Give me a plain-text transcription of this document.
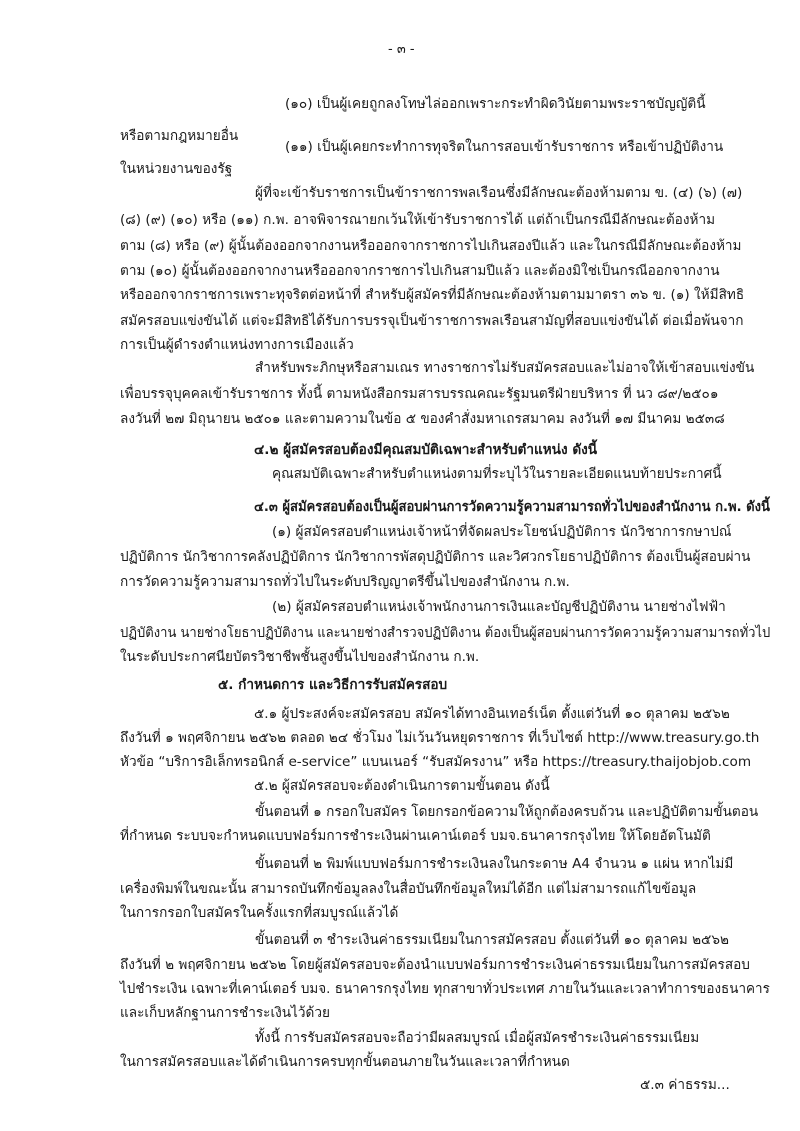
- ๓ -
(๑๐) เป็นผู้เคยถูกลงโทษไล่ออกเพราะกระทำผิดวินัยตามพระราชบัญญัตินี้
หรือตามกฎหมายอื่น
(๑๑) เป็นผู้เคยกระทำการทุจริตในการสอบเข้ารับราชการ หรือเข้าปฏิบัติงาน
ในหน่วยงานของรัฐ
ผู้ที่จะเข้ารับราชการเป็นข้าราชการพลเรือนซึ่งมีลักษณะต้องห้ามตาม ข. (๔) (๖) (๗)
(๘) (๙) (๑๐) หรือ (๑๑) ก.พ. อาจพิจารณายกเว้นให้เข้ารับราชการได้ แต่ถ้าเป็นกรณีมีลักษณะต้องห้าม
ตาม (๘) หรือ (๙) ผู้นั้นต้องออกจากงานหรือออกจากราชการไปเกินสองปีแล้ว และในกรณีมีลักษณะต้องห้าม
ตาม (๑๐) ผู้นั้นต้องออกจากงานหรือออกจากราชการไปเกินสามปีแล้ว และต้องมิใช่เป็นกรณีออกจากงาน
หรือออกจากราชการเพราะทุจริตต่อหน้าที่ สำหรับผู้สมัครที่มีลักษณะต้องห้ามตามมาตรา ๓๖ ข. (๑) ให้มีสิทธิ
สมัครสอบแข่งขันได้ แต่จะมีสิทธิได้รับการบรรจุเป็นข้าราชการพลเรือนสามัญที่สอบแข่งขันได้ ต่อเมื่อพ้นจาก
การเป็นผู้ดำรงตำแหน่งทางการเมืองแล้ว
สำหรับพระภิกษุหรือสามเณร ทางราชการไม่รับสมัครสอบและไม่อาจให้เข้าสอบแข่งขัน
เพื่อบรรจุบุคคลเข้ารับราชการ ทั้งนี้ ตามหนังสือกรมสารบรรณคณะรัฐมนตรีฝ่ายบริหาร ที่ นว ๘๙/๒๕๐๑
ลงวันที่ ๒๗ มิถุนายน ๒๕๐๑ และตามความในข้อ ๕ ของคำสั่งมหาเถรสมาคม ลงวันที่ ๑๗ มีนาคม ๒๕๓๘
๔.๒ ผู้สมัครสอบต้องมีคุณสมบัติเฉพาะสำหรับตำแหน่ง ดังนี้
คุณสมบัติเฉพาะสำหรับตำแหน่งตามที่ระบุไว้ในรายละเอียดแนบท้ายประกาศนี้
๔.๓ ผู้สมัครสอบต้องเป็นผู้สอบผ่านการวัดความรู้ความสามารถทั่วไปของสำนักงาน ก.พ. ดังนี้
(๑) ผู้สมัครสอบตำแหน่งเจ้าหน้าที่จัดผลประโยชน์ปฏิบัติการ นักวิชาการกษาปณ์
ปฏิบัติการ นักวิชาการคลังปฏิบัติการ นักวิชาการพัสดุปฏิบัติการ และวิศวกรโยธาปฏิบัติการ ต้องเป็นผู้สอบผ่าน
การวัดความรู้ความสามารถทั่วไปในระดับปริญญาตรีขึ้นไปของสำนักงาน ก.พ.
(๒) ผู้สมัครสอบตำแหน่งเจ้าพนักงานการเงินและบัญชีปฏิบัติงาน นายช่างไฟฟ้า
ปฏิบัติงาน นายช่างโยธาปฏิบัติงาน และนายช่างสำรวจปฏิบัติงาน ต้องเป็นผู้สอบผ่านการวัดความรู้ความสามารถทั่วไป
ในระดับประกาศนียบัตรวิชาชีพชั้นสูงขึ้นไปของสำนักงาน ก.พ.
๕. กำหนดการ และวิธีการรับสมัครสอบ
๕.๑ ผู้ประสงค์จะสมัครสอบ สมัครได้ทางอินเทอร์เน็ต ตั้งแต่วันที่ ๑๐ ตุลาคม ๒๕๖๒
ถึงวันที่ ๑ พฤศจิกายน ๒๕๖๒ ตลอด ๒๔ ชั่วโมง ไม่เว้นวันหยุดราชการ ที่เว็บไซต์ http://www.treasury.go.th
หัวข้อ “บริการอิเล็กทรอนิกส์ e-service” แบนเนอร์ “รับสมัครงาน” หรือ https://treasury.thaijobjob.com
๕.๒ ผู้สมัครสอบจะต้องดำเนินการตามขั้นตอน ดังนี้
ขั้นตอนที่ ๑ กรอกใบสมัคร โดยกรอกข้อความให้ถูกต้องครบถ้วน และปฏิบัติตามขั้นตอน
ที่กำหนด ระบบจะกำหนดแบบฟอร์มการชำระเงินผ่านเคาน์เตอร์ บมจ.ธนาคารกรุงไทย ให้โดยอัตโนมัติ
ขั้นตอนที่ ๒ พิมพ์แบบฟอร์มการชำระเงินลงในกระดาษ A4 จำนวน ๑ แผ่น หากไม่มี
เครื่องพิมพ์ในขณะนั้น สามารถบันทึกข้อมูลลงในสื่อบันทึกข้อมูลใหม่ได้อีก แต่ไม่สามารถแก้ไขข้อมูล
ในการกรอกใบสมัครในครั้งแรกที่สมบูรณ์แล้วได้
ขั้นตอนที่ ๓ ชำระเงินค่าธรรมเนียมในการสมัครสอบ ตั้งแต่วันที่ ๑๐ ตุลาคม ๒๕๖๒
ถึงวันที่ ๒ พฤศจิกายน ๒๕๖๒ โดยผู้สมัครสอบจะต้องนำแบบฟอร์มการชำระเงินค่าธรรมเนียมในการสมัครสอบ
ไปชำระเงิน เฉพาะที่เคาน์เตอร์ บมจ. ธนาคารกรุงไทย ทุกสาขาทั่วประเทศ ภายในวันและเวลาทำการของธนาคาร
และเก็บหลักฐานการชำระเงินไว้ด้วย
ทั้งนี้ การรับสมัครสอบจะถือว่ามีผลสมบูรณ์ เมื่อผู้สมัครชำระเงินค่าธรรมเนียม
ในการสมัครสอบและได้ดำเนินการครบทุกขั้นตอนภายในวันและเวลาที่กำหนด
๕.๓ ค่าธรรม...
